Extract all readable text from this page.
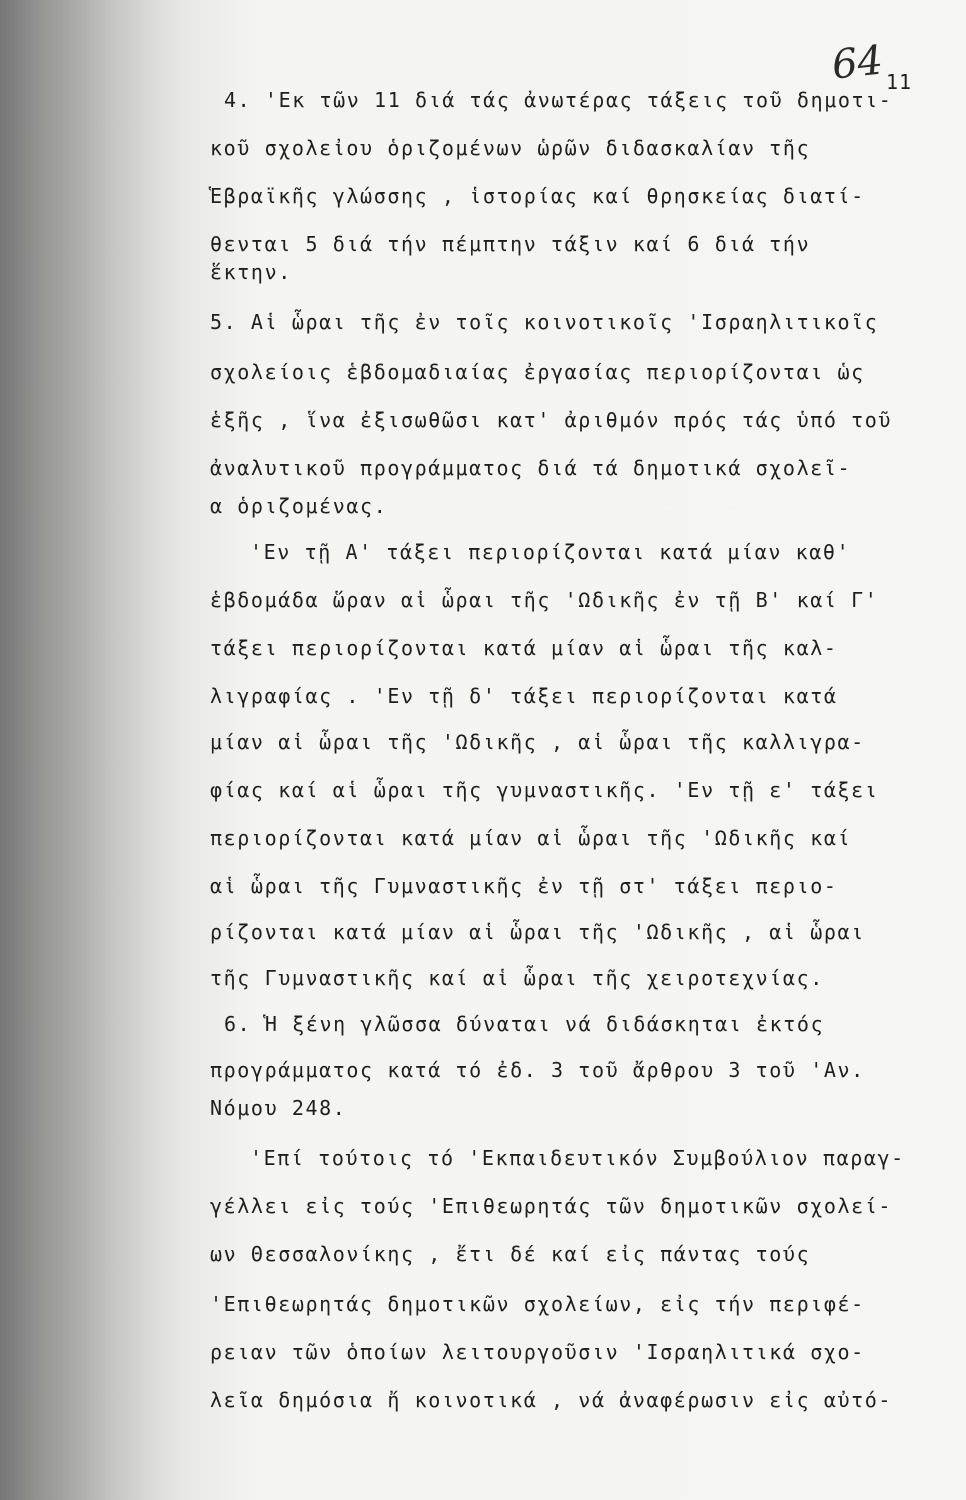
64 11
4. 'Εκ τῶν 11 διά τάς ἀνωτέρας τάξεις τοῦ δημοτι-
κοῦ σχολεἰου ὁριζομένων ὡρῶν διδασκαλίαν τῆς
Ἑβραϊκῆς γλώσσης , ἱστορίας καί θρησκείας διατί-
θενται 5 διά τήν πέμπτην τάξιν καί 6 διά τήν
ἕκτην.
5. Αἱ ὧραι τῆς ἐν τοῖς κοινοτικοῖς 'Ισραηλιτικοῖς
σχολείοις ἑβδομαδιαίας ἐργασίας περιορίζονται ὡς
ἑξῆς , ἵνα ἐξισωθῶσι κατ' ἀριθμόν πρός τάς ὑπό τοῦ
ἀναλυτικοῦ προγράμματος διά τά δημοτικά σχολεῖ-
α ὁριζομένας.
'Εν τῇ Α' τάξει περιορίζονται κατά μίαν καθ'
ἑβδομάδα ὥραν αἱ ὧραι τῆς 'Ωδικῆς ἐν τῇ Β' καί Γ'
τάξει περιορίζονται κατά μίαν αἱ ὧραι τῆς καλ-
λιγραφίας . 'Εν τῇ δ' τάξει περιορίζονται κατά
μίαν αἱ ὧραι τῆς 'Ωδικῆς , αἱ ὧραι τῆς καλλιγρα-
φίας καί αἱ ὧραι τῆς γυμναστικῆς. 'Εν τῇ ε' τάξει
περιορίζονται κατά μίαν αἱ ὧραι τῆς 'Ωδικῆς καί
αἱ ὧραι τῆς Γυμναστικῆς ἐν τῇ στ' τάξει περιο-
ρίζονται κατά μίαν αἱ ὧραι τῆς 'Ωδικῆς , αἱ ὧραι
τῆς Γυμναστικῆς καί αἱ ὧραι τῆς χειροτεχνίας.
6. Ἡ ξένη γλῶσσα δύναται νά διδάσκηται ἐκτός
προγράμματος κατά τό ἐδ. 3 τοῦ ἄρθρου 3 τοῦ 'Αν.
Νόμου 248.
'Επί τούτοις τό 'Εκπαιδευτικόν Συμβούλιον παραγ-
γέλλει εἰς τούς 'Επιθεωρητάς τῶν δημοτικῶν σχολεί-
ων Θεσσαλονίκης , ἔτι δέ καί εἰς πάντας τούς
'Επιθεωρητάς δημοτικῶν σχολείων, εἰς τήν περιφέ-
ρειαν τῶν ὁποίων λειτουργοῦσιν 'Ισραηλιτικά σχο-
λεῖα δημόσια ἤ κοινοτικά , νά ἀναφέρωσιν εἰς αὐτό-
